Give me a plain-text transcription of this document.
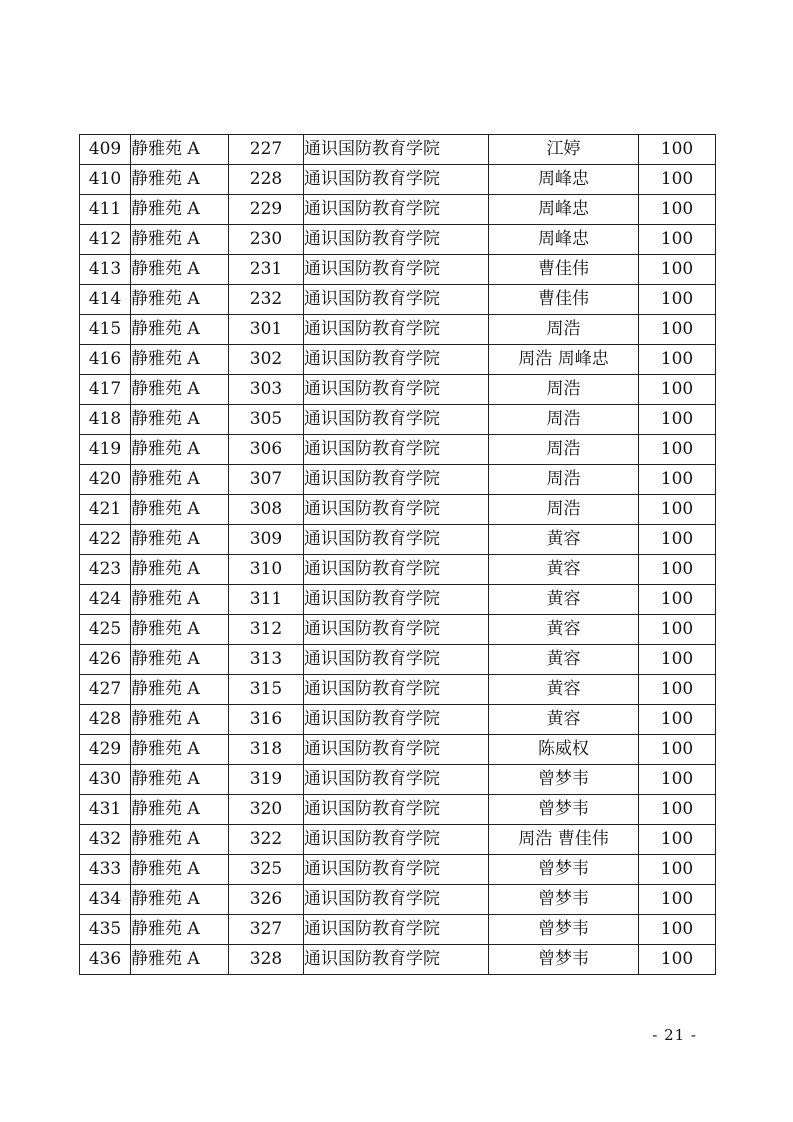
409	静雅苑 A	227	通识国防教育学院	江婷	100
410	静雅苑 A	228	通识国防教育学院	周峰忠	100
411	静雅苑 A	229	通识国防教育学院	周峰忠	100
412	静雅苑 A	230	通识国防教育学院	周峰忠	100
413	静雅苑 A	231	通识国防教育学院	曹佳伟	100
414	静雅苑 A	232	通识国防教育学院	曹佳伟	100
415	静雅苑 A	301	通识国防教育学院	周浩	100
416	静雅苑 A	302	通识国防教育学院	周浩 周峰忠	100
417	静雅苑 A	303	通识国防教育学院	周浩	100
418	静雅苑 A	305	通识国防教育学院	周浩	100
419	静雅苑 A	306	通识国防教育学院	周浩	100
420	静雅苑 A	307	通识国防教育学院	周浩	100
421	静雅苑 A	308	通识国防教育学院	周浩	100
422	静雅苑 A	309	通识国防教育学院	黄容	100
423	静雅苑 A	310	通识国防教育学院	黄容	100
424	静雅苑 A	311	通识国防教育学院	黄容	100
425	静雅苑 A	312	通识国防教育学院	黄容	100
426	静雅苑 A	313	通识国防教育学院	黄容	100
427	静雅苑 A	315	通识国防教育学院	黄容	100
428	静雅苑 A	316	通识国防教育学院	黄容	100
429	静雅苑 A	318	通识国防教育学院	陈威权	100
430	静雅苑 A	319	通识国防教育学院	曾梦韦	100
431	静雅苑 A	320	通识国防教育学院	曾梦韦	100
432	静雅苑 A	322	通识国防教育学院	周浩 曹佳伟	100
433	静雅苑 A	325	通识国防教育学院	曾梦韦	100
434	静雅苑 A	326	通识国防教育学院	曾梦韦	100
435	静雅苑 A	327	通识国防教育学院	曾梦韦	100
436	静雅苑 A	328	通识国防教育学院	曾梦韦	100
- 21 -
